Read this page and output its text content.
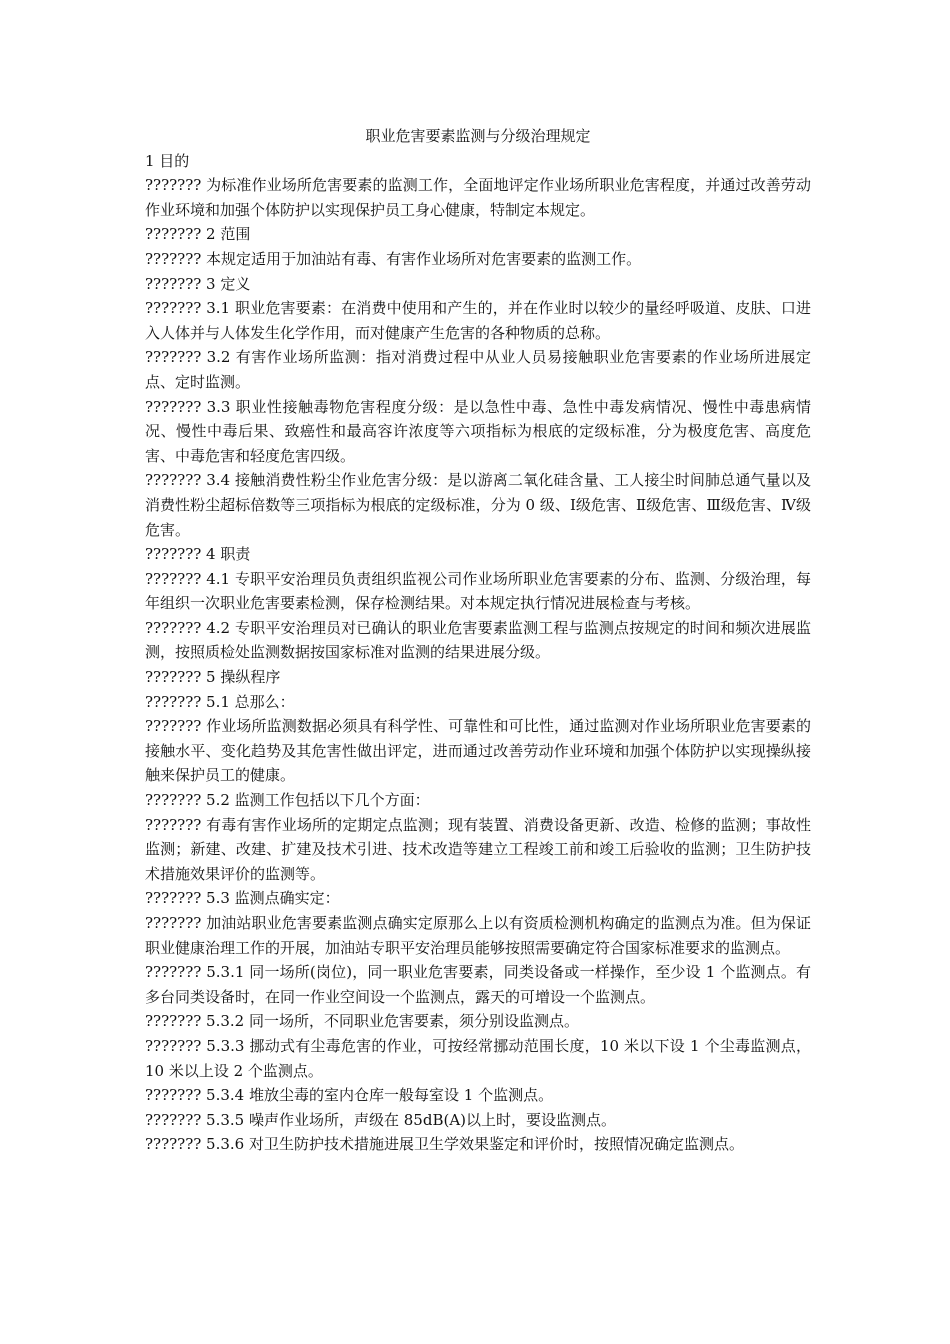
职业危害要素监测与分级治理规定

1 目的

??????? 为标准作业场所危害要素的监测工作，全面地评定作业场所职业危害程度，并通过改善劳动作业环境和加强个体防护以实现保护员工身心健康，特制定本规定。

??????? 2 范围

??????? 本规定适用于加油站有毒、有害作业场所对危害要素的监测工作。

??????? 3 定义

??????? 3.1 职业危害要素：在消费中使用和产生的，并在作业时以较少的量经呼吸道、皮肤、口进入人体并与人体发生化学作用，而对健康产生危害的各种物质的总称。

??????? 3.2 有害作业场所监测：指对消费过程中从业人员易接触职业危害要素的作业场所进展定点、定时监测。

??????? 3.3 职业性接触毒物危害程度分级：是以急性中毒、急性中毒发病情况、慢性中毒患病情况、慢性中毒后果、致癌性和最高容许浓度等六项指标为根底的定级标准，分为极度危害、高度危害、中毒危害和轻度危害四级。

??????? 3.4 接触消费性粉尘作业危害分级：是以游离二氧化硅含量、工人接尘时间肺总通气量以及消费性粉尘超标倍数等三项指标为根底的定级标准，分为 0 级、Ⅰ级危害、Ⅱ级危害、Ⅲ级危害、Ⅳ级危害。

??????? 4 职责

??????? 4.1 专职平安治理员负责组织监视公司作业场所职业危害要素的分布、监测、分级治理，每年组织一次职业危害要素检测，保存检测结果。对本规定执行情况进展检查与考核。

??????? 4.2 专职平安治理员对已确认的职业危害要素监测工程与监测点按规定的时间和频次进展监测，按照质检处监测数据按国家标准对监测的结果进展分级。

??????? 5 操纵程序

??????? 5.1 总那么：

??????? 作业场所监测数据必须具有科学性、可靠性和可比性，通过监测对作业场所职业危害要素的接触水平、变化趋势及其危害性做出评定，进而通过改善劳动作业环境和加强个体防护以实现操纵接触来保护员工的健康。

??????? 5.2 监测工作包括以下几个方面：

??????? 有毒有害作业场所的定期定点监测；现有装置、消费设备更新、改造、检修的监测；事故性监测；新建、改建、扩建及技术引进、技术改造等建立工程竣工前和竣工后验收的监测；卫生防护技术措施效果评价的监测等。

??????? 5.3 监测点确实定：

??????? 加油站职业危害要素监测点确实定原那么上以有资质检测机构确定的监测点为准。但为保证职业健康治理工作的开展，加油站专职平安治理员能够按照需要确定符合国家标准要求的监测点。

??????? 5.3.1 同一场所(岗位)，同一职业危害要素，同类设备或一样操作，至少设 1 个监测点。有多台同类设备时，在同一作业空间设一个监测点，露天的可增设一个监测点。

??????? 5.3.2 同一场所，不同职业危害要素，须分别设监测点。

??????? 5.3.3 挪动式有尘毒危害的作业，可按经常挪动范围长度，10 米以下设 1 个尘毒监测点，10 米以上设 2 个监测点。

??????? 5.3.4 堆放尘毒的室内仓库一般每室设 1 个监测点。

??????? 5.3.5 噪声作业场所，声级在 85dB(A)以上时，要设监测点。

??????? 5.3.6 对卫生防护技术措施进展卫生学效果鉴定和评价时，按照情况确定监测点。
